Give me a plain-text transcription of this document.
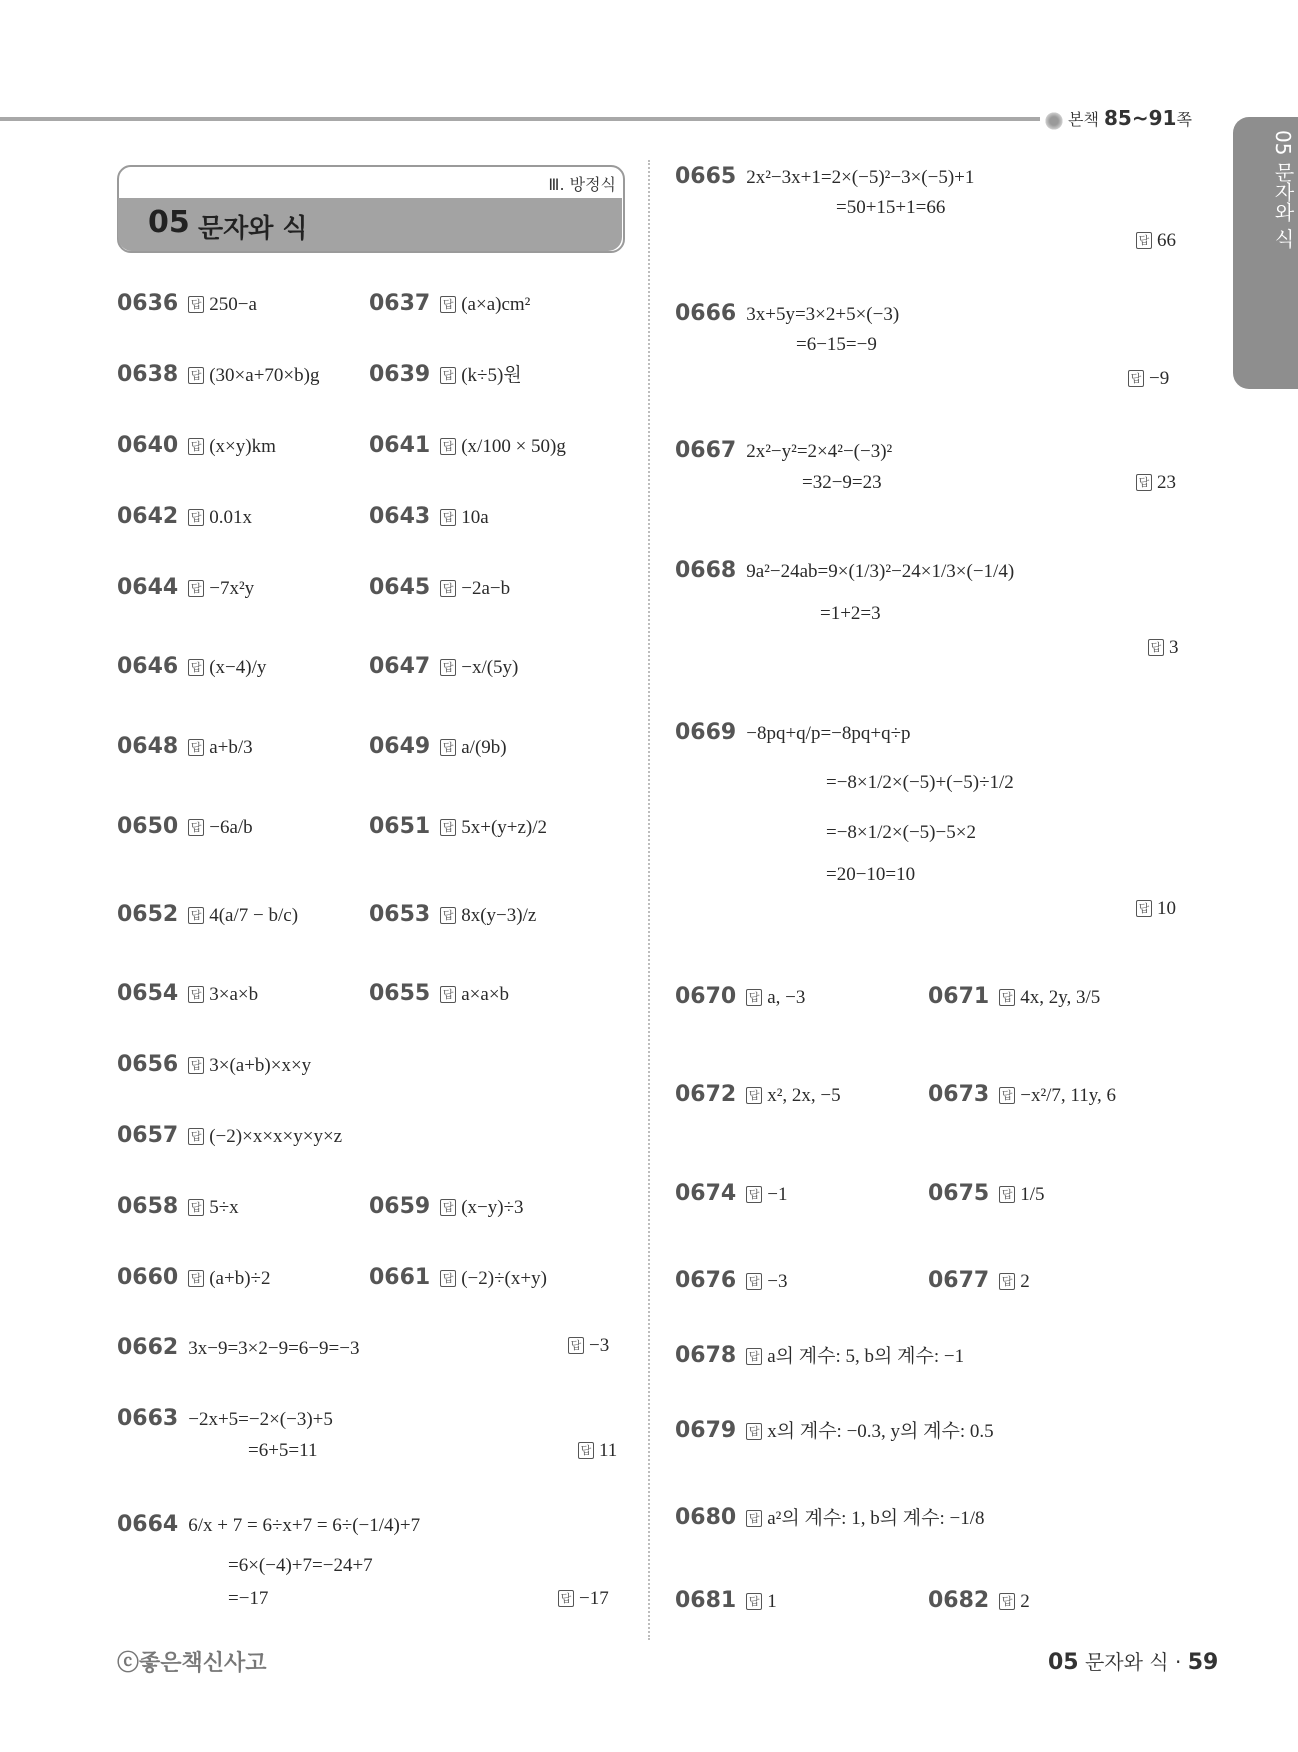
본책 85~91쪽
05 문자와 식
Ⅲ. 방정식
05 문자와 식
0636 답 250−a	0637 답 (a×a)cm²
0638 답 (30×a+70×b)g 0639 답 (k÷5)원
0640 답 (x×y)km	0641 답 (x/100 × 50)g
0642 답 0.01x	0643 답 10a
0644 답 −7x²y	0645 답 −2a−b
0646 답 (x−4)/y	0647 답 −x/(5y)
0648 답 a+b/3	0649 답 a/(9b)
0650 답 −6a/b	0651 답 5x+(y+z)/2
0652 답 4(a/7 − b/c)	0653 답 8x(y−3)/z
0654 답 3×a×b	0655 답 a×a×b
0656 답 3×(a+b)×x×y
0657 답 (−2)×x×x×y×y×z
0658 답 5÷x	0659 답 (x−y)÷3
0660 답 (a+b)÷2	0661 답 (−2)÷(x+y)
0662 3x−9=3×2−9=6−9=−3	답 −3
0663 −2x+5=−2×(−3)+5
=6+5=11	답 11
0664 6/x + 7 = 6÷x+7 = 6÷(−1/4)+7
=6×(−4)+7=−24+7
=−17	답 −17
0665 2x²−3x+1=2×(−5)²−3×(−5)+1
=50+15+1=66
답 66
0666 3x+5y=3×2+5×(−3)
=6−15=−9
답 −9
0667 2x²−y²=2×4²−(−3)²
=32−9=23	답 23
0668 9a²−24ab=9×(1/3)²−24×1/3×(−1/4)
=1+2=3
답 3
0669 −8pq+q/p=−8pq+q÷p
=−8×1/2×(−5)+(−5)÷1/2
=−8×1/2×(−5)−5×2
=20−10=10
답 10
0670 답 a, −3	0671 답 4x, 2y, 3/5
0672 답 x², 2x, −5	0673 답 −x²/7, 11y, 6
0674 답 −1	0675 답 1/5
0676 답 −3	0677 답 2
0678 답 a의 계수: 5, b의 계수: −1
0679 답 x의 계수: −0.3, y의 계수: 0.5
0680 답 a²의 계수: 1, b의 계수: −1/8
0681 답 1	0682 답 2
ⓒ좋은책신사고	05 문자와 식 · 59
